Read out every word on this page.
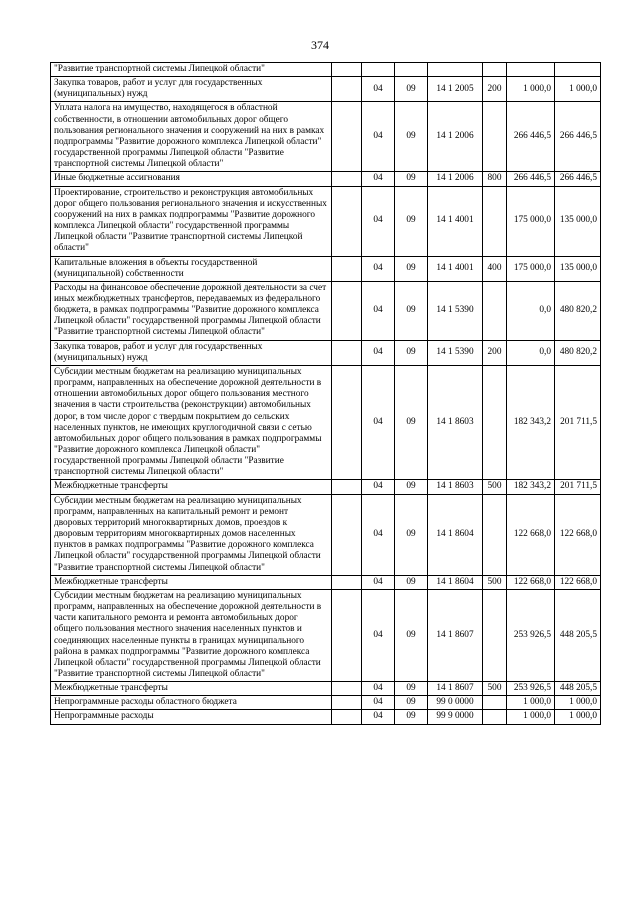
374
"Развитие транспортной системы Липецкой области"							
Закупка товаров, работ и услуг для государственных (муниципальных) нужд		04	09	14 1 2005	200	1 000,0	1 000,0
Уплата налога на имущество, находящегося в областной собственности, в отношении автомобильных дорог общего пользования регионального значения и сооружений на них в рамках подпрограммы "Развитие дорожного комплекса Липецкой области" государственной программы Липецкой области "Развитие транспортной системы Липецкой области"		04	09	14 1 2006		266 446,5	266 446,5
Иные бюджетные ассигнования		04	09	14 1 2006	800	266 446,5	266 446,5
Проектирование, строительство и реконструкция автомобильных дорог общего пользования регионального значения и искусственных сооружений на них в рамках подпрограммы "Развитие дорожного комплекса Липецкой области" государственной программы Липецкой области "Развитие транспортной системы Липецкой области"		04	09	14 1 4001		175 000,0	135 000,0
Капитальные вложения в объекты государственной (муниципальной) собственности		04	09	14 1 4001	400	175 000,0	135 000,0
Расходы на финансовое обеспечение дорожной деятельности за счет иных межбюджетных трансфертов, передаваемых из федерального бюджета, в рамках подпрограммы "Развитие дорожного комплекса Липецкой области" государственной программы Липецкой области "Развитие транспортной системы Липецкой области"		04	09	14 1 5390		0,0	480 820,2
Закупка товаров, работ и услуг для государственных (муниципальных) нужд		04	09	14 1 5390	200	0,0	480 820,2
Субсидии местным бюджетам на реализацию муниципальных программ, направленных на обеспечение дорожной деятельности в отношении автомобильных дорог общего пользования местного значения в части строительства (реконструкции) автомобильных дорог, в том числе дорог с твердым покрытием до сельских населенных пунктов, не имеющих круглогодичной связи с сетью автомобильных дорог общего пользования в рамках подпрограммы "Развитие дорожного комплекса Липецкой области" государственной программы Липецкой области "Развитие транспортной системы Липецкой области"		04	09	14 1 8603		182 343,2	201 711,5
Межбюджетные трансферты		04	09	14 1 8603	500	182 343,2	201 711,5
Субсидии местным бюджетам на реализацию муниципальных программ, направленных на капитальный ремонт и ремонт дворовых территорий многоквартирных домов, проездов к дворовым территориям многоквартирных домов населенных пунктов в рамках подпрограммы "Развитие дорожного комплекса Липецкой области" государственной программы Липецкой области "Развитие транспортной системы Липецкой области"		04	09	14 1 8604		122 668,0	122 668,0
Межбюджетные трансферты		04	09	14 1 8604	500	122 668,0	122 668,0
Субсидии местным бюджетам на реализацию муниципальных программ, направленных на обеспечение дорожной деятельности в части капитального ремонта и ремонта автомобильных дорог общего пользования местного значения населенных пунктов и соединяющих населенные пункты в границах муниципального района в рамках подпрограммы "Развитие дорожного комплекса Липецкой области" государственной программы Липецкой области "Развитие транспортной системы Липецкой области"		04	09	14 1 8607		253 926,5	448 205,5
Межбюджетные трансферты		04	09	14 1 8607	500	253 926,5	448 205,5
Непрограммные расходы областного бюджета		04	09	99 0 0000		1 000,0	1 000,0
Непрограммные расходы		04	09	99 9 0000		1 000,0	1 000,0
